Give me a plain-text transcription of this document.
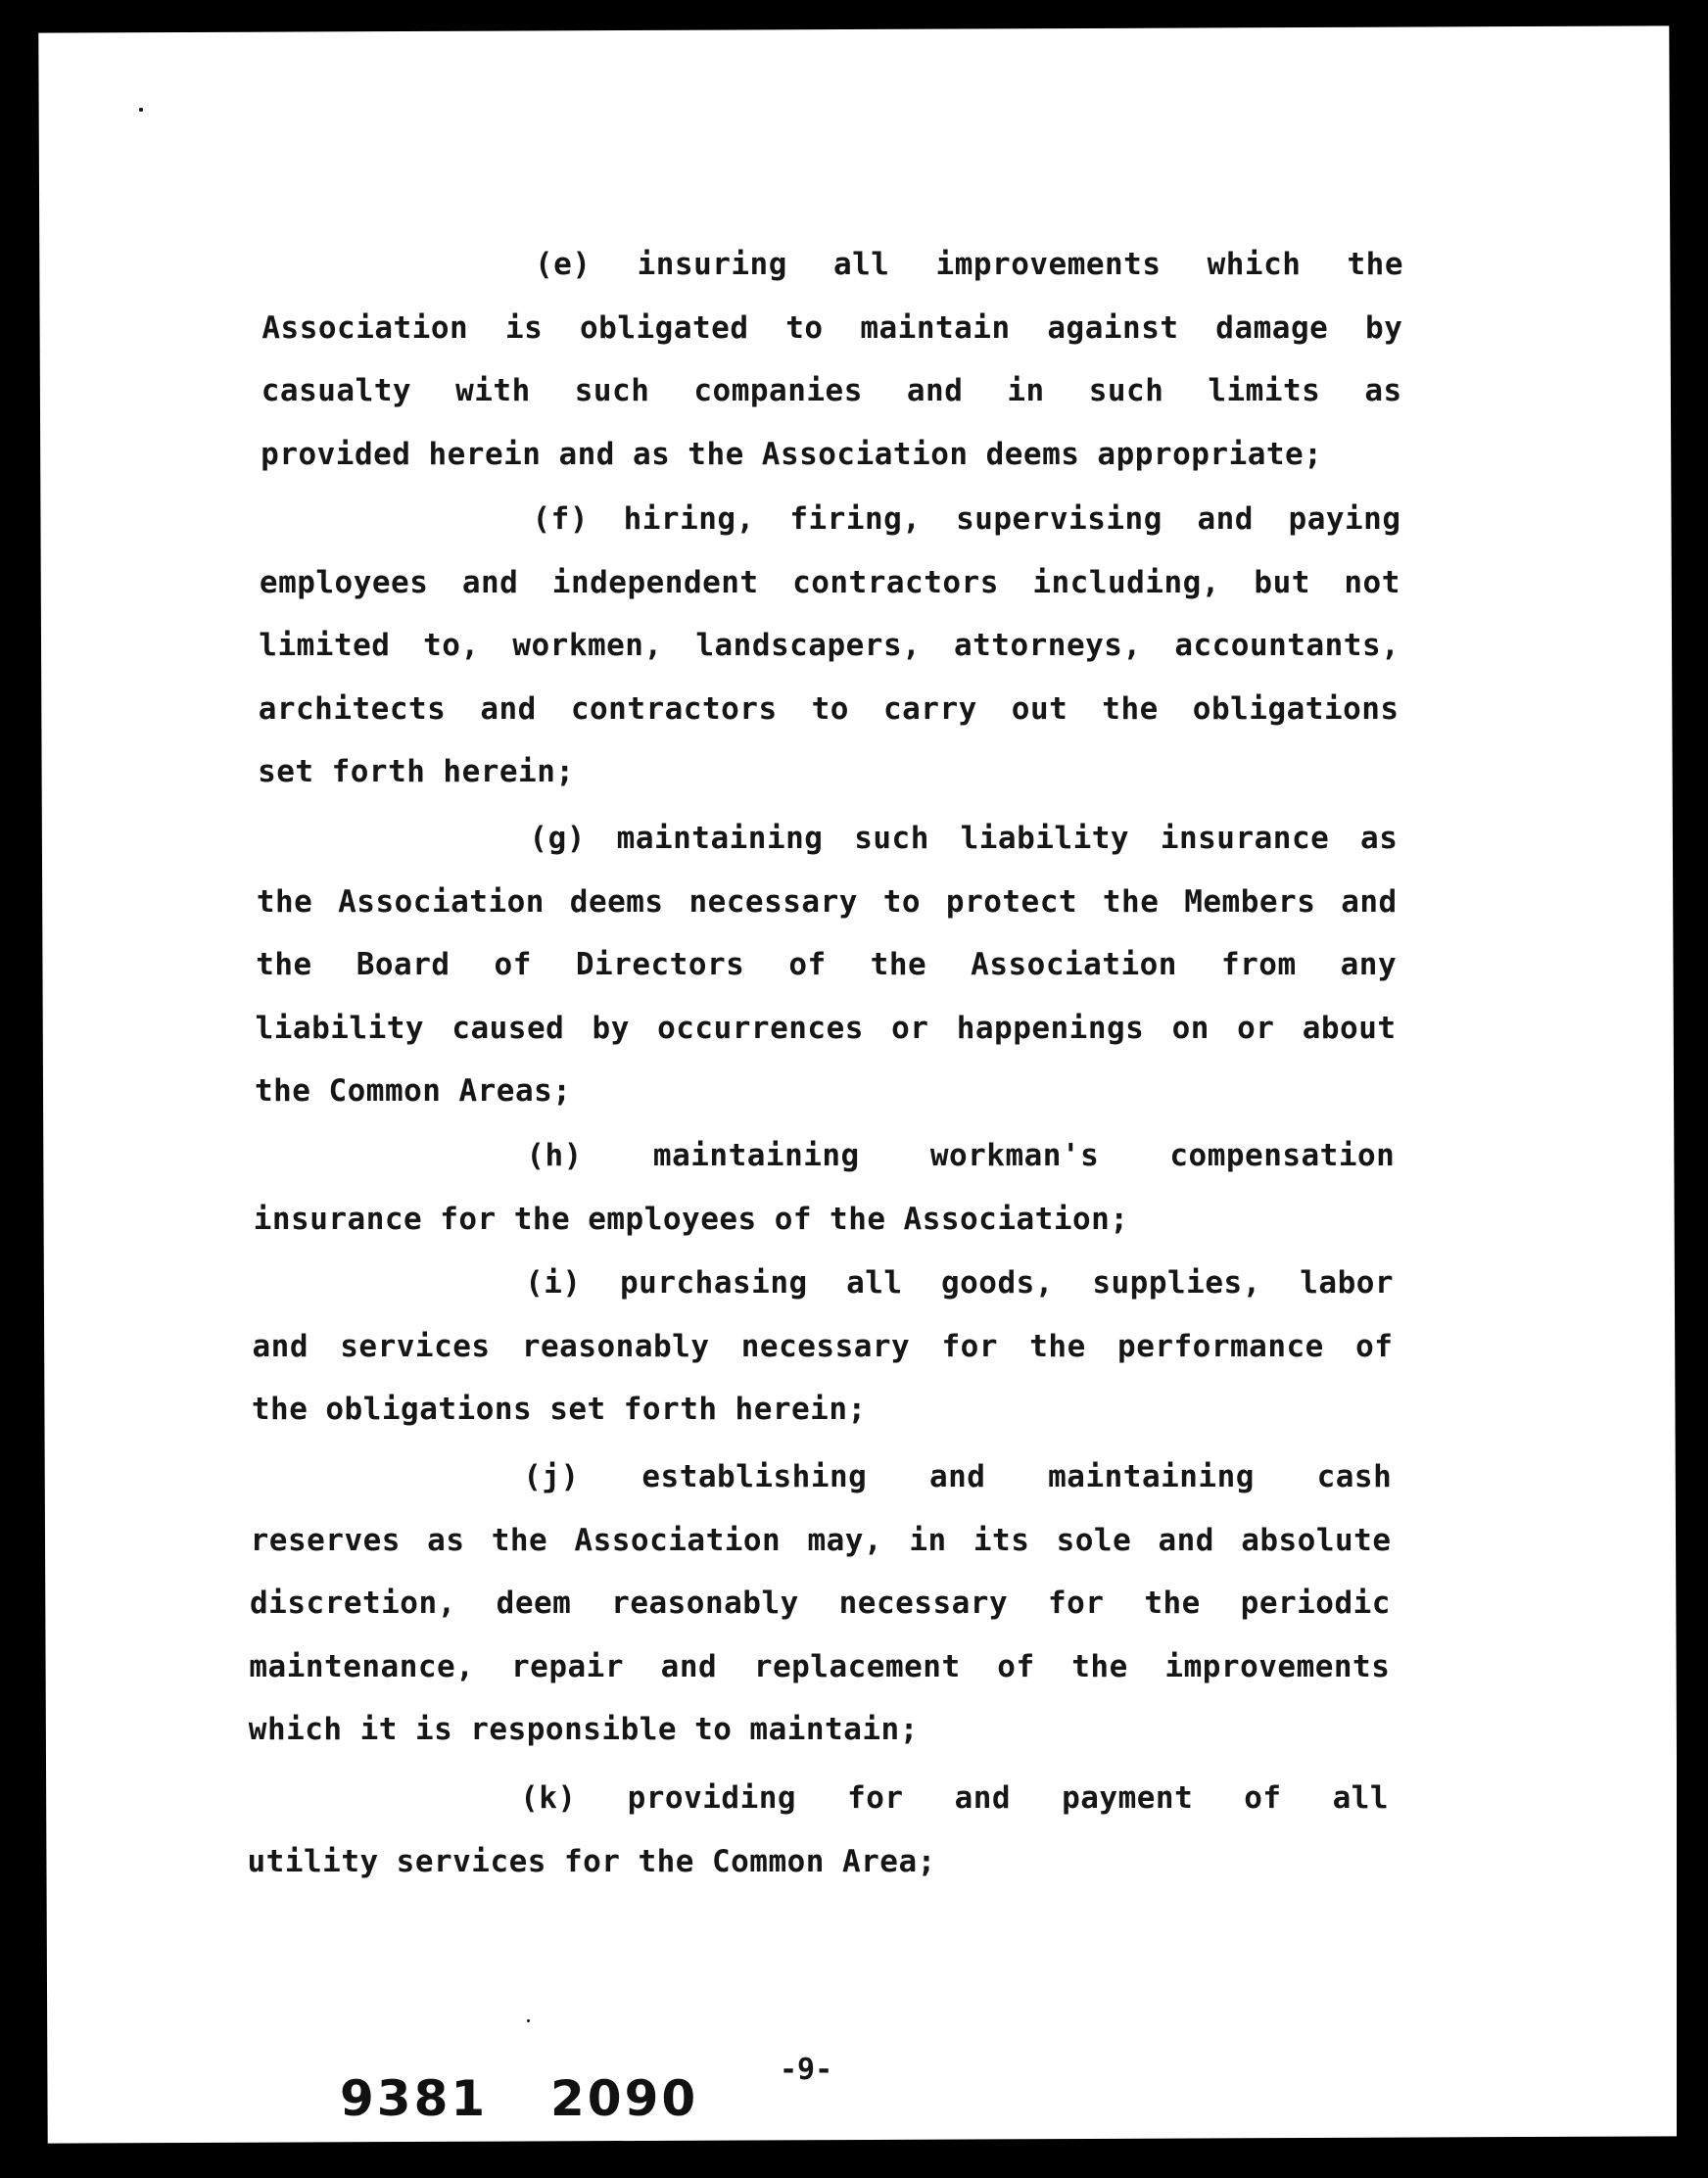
(e) insuring all improvements which the
Association is obligated to maintain against damage by
casualty with such companies and in such limits as
provided herein and as the Association deems appropriate;
(f) hiring, firing, supervising and paying
employees and independent contractors including, but not
limited to, workmen, landscapers, attorneys, accountants,
architects and contractors to carry out the obligations
set forth herein;
(g) maintaining such liability insurance as
the Association deems necessary to protect the Members and
the Board of Directors of the Association from any
liability caused by occurrences or happenings on or about
the Common Areas;
(h) maintaining workman's compensation
insurance for the employees of the Association;
(i) purchasing all goods, supplies, labor
and services reasonably necessary for the performance of
the obligations set forth herein;
(j) establishing and maintaining cash
reserves as the Association may, in its sole and absolute
discretion, deem reasonably necessary for the periodic
maintenance, repair and replacement of the improvements
which it is responsible to maintain;
(k) providing for and payment of all
utility services for the Common Area;
-9-
9381 2090
